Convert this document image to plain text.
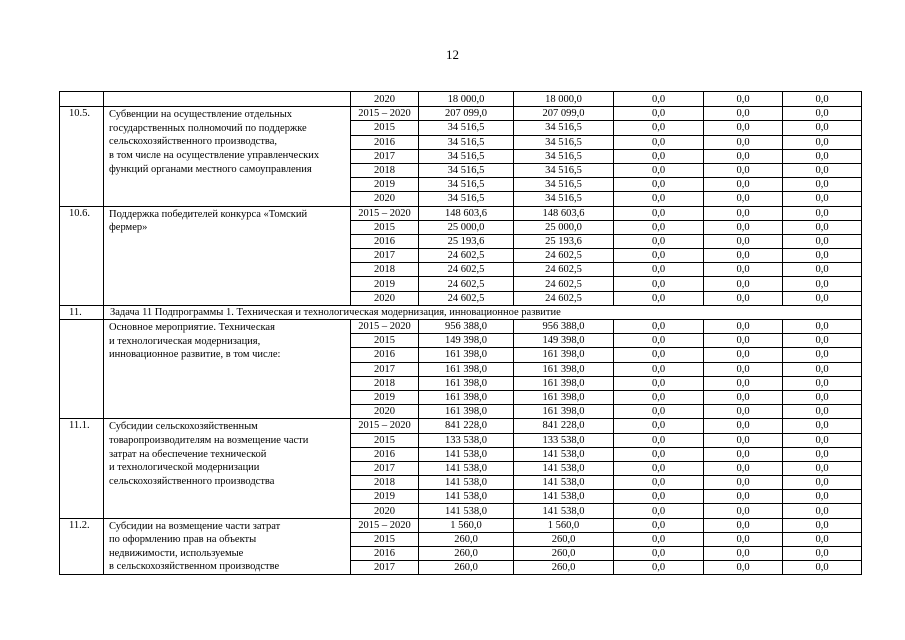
12
		2020	18 000,0	18 000,0	0,0	0,0	0,0
10.5.	Субвенции на осуществление отдельных
государственных полномочий по поддержке
сельскохозяйственного производства,
в том числе на осуществление управленческих
функций органами местного самоуправления	2015 – 2020	207 099,0	207 099,0	0,0	0,0	0,0
		2015	34 516,5	34 516,5	0,0	0,0	0,0
		2016	34 516,5	34 516,5	0,0	0,0	0,0
		2017	34 516,5	34 516,5	0,0	0,0	0,0
		2018	34 516,5	34 516,5	0,0	0,0	0,0
		2019	34 516,5	34 516,5	0,0	0,0	0,0
		2020	34 516,5	34 516,5	0,0	0,0	0,0
10.6.	Поддержка победителей конкурса «Томский
фермер»	2015 – 2020	148 603,6	148 603,6	0,0	0,0	0,0
		2015	25 000,0	25 000,0	0,0	0,0	0,0
		2016	25 193,6	25 193,6	0,0	0,0	0,0
		2017	24 602,5	24 602,5	0,0	0,0	0,0
		2018	24 602,5	24 602,5	0,0	0,0	0,0
		2019	24 602,5	24 602,5	0,0	0,0	0,0
		2020	24 602,5	24 602,5	0,0	0,0	0,0
11.	Задача 11 Подпрограммы 1. Техническая и технологическая модернизация, инновационное развитие						

	Основное мероприятие. Техническая
и технологическая модернизация,
инновационное развитие, в том числе:	2015 – 2020	956 388,0	956 388,0	0,0	0,0	0,0
		2015	149 398,0	149 398,0	0,0	0,0	0,0
		2016	161 398,0	161 398,0	0,0	0,0	0,0
		2017	161 398,0	161 398,0	0,0	0,0	0,0
		2018	161 398,0	161 398,0	0,0	0,0	0,0
		2019	161 398,0	161 398,0	0,0	0,0	0,0
		2020	161 398,0	161 398,0	0,0	0,0	0,0
11.1.	Субсидии сельскохозяйственным
товаропроизводителям на возмещение части
затрат на обеспечение технической
и технологической модернизации
сельскохозяйственного производства	2015 – 2020	841 228,0	841 228,0	0,0	0,0	0,0
		2015	133 538,0	133 538,0	0,0	0,0	0,0
		2016	141 538,0	141 538,0	0,0	0,0	0,0
		2017	141 538,0	141 538,0	0,0	0,0	0,0
		2018	141 538,0	141 538,0	0,0	0,0	0,0
		2019	141 538,0	141 538,0	0,0	0,0	0,0
		2020	141 538,0	141 538,0	0,0	0,0	0,0
11.2.	Субсидии на возмещение части затрат
по оформлению прав на объекты
недвижимости, используемые
в сельскохозяйственном производстве	2015 – 2020	1 560,0	1 560,0	0,0	0,0	0,0
		2015	260,0	260,0	0,0	0,0	0,0
		2016	260,0	260,0	0,0	0,0	0,0
		2017	260,0	260,0	0,0	0,0	0,0
